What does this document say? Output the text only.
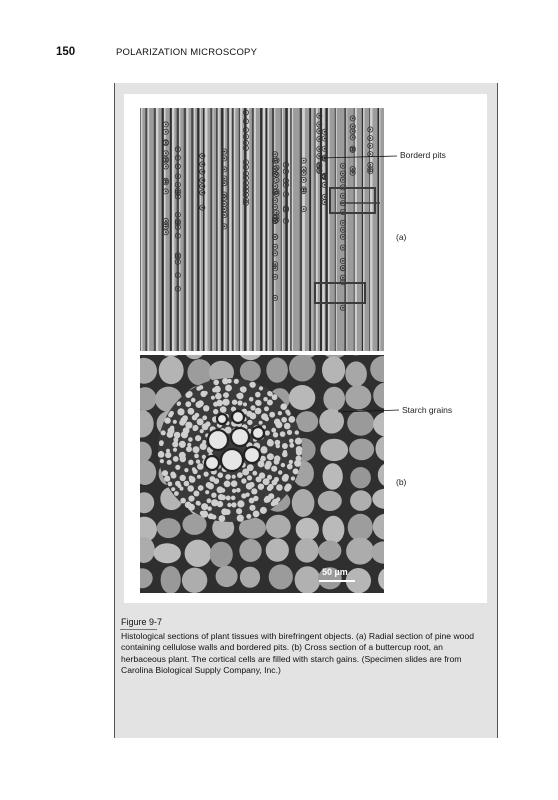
150	POLARIZATION MICROSCOPY
Borderd pits
(a)
Starch grains
(b)
50 µm
Figure 9-7
Histological sections of plant tissues with birefringent objects. (a) Radial section of pine wood containing cellulose walls and bordered pits. (b) Cross section of a buttercup root, an herbaceous plant. The cortical cells are filled with starch gains. (Specimen slides are from Carolina Biological Supply Company, Inc.)
